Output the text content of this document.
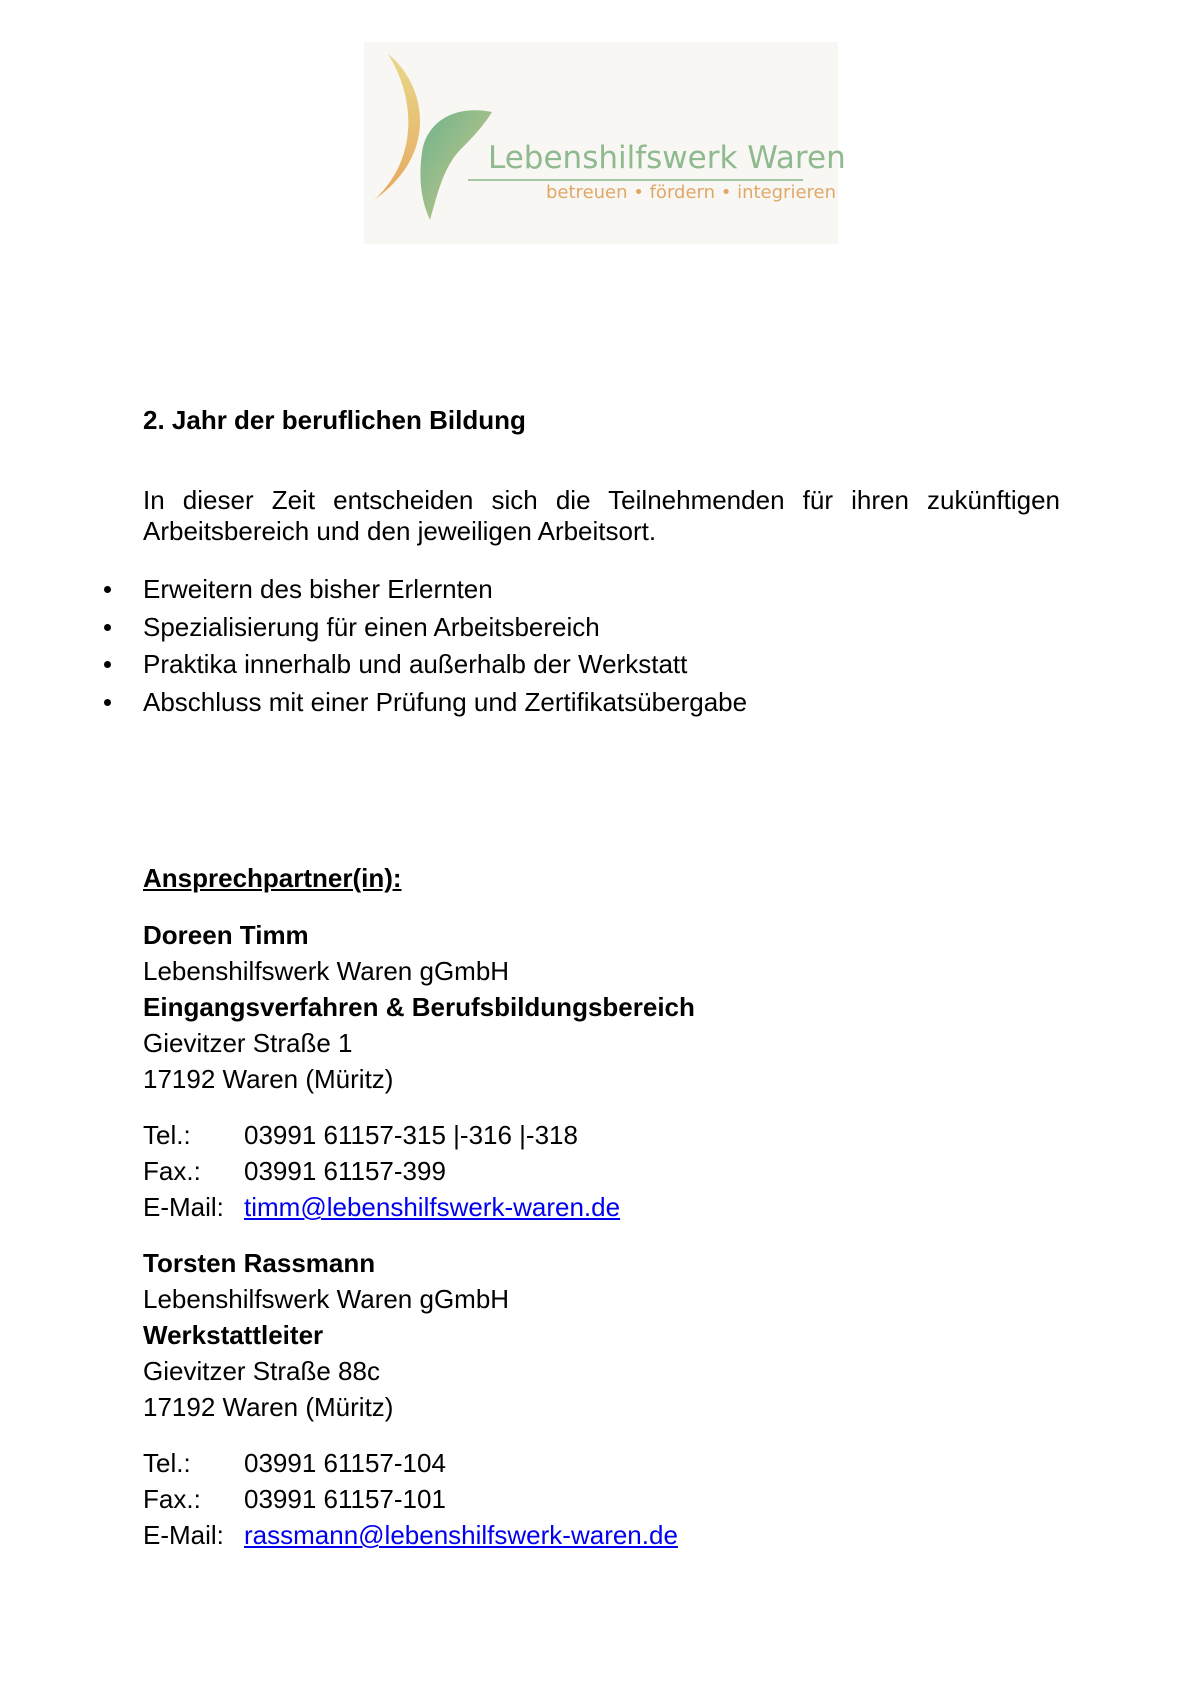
Lebenshilfswerk Waren
betreuen • fördern • integrieren
2. Jahr der beruflichen Bildung
In dieser Zeit entscheiden sich die Teilnehmenden für ihren zukünftigen Arbeitsbereich und den jeweiligen Arbeitsort.
Erweitern des bisher Erlernten
Spezialisierung für einen Arbeitsbereich
Praktika innerhalb und außerhalb der Werkstatt
Abschluss mit einer Prüfung und Zertifikatsübergabe
Ansprechpartner(in):
Doreen Timm
Lebenshilfswerk Waren gGmbH
Eingangsverfahren & Berufsbildungsbereich
Gievitzer Straße 1
17192 Waren (Müritz)
Tel.: 03991 61157-315 |-316 |-318
Fax.: 03991 61157-399
E-Mail: timm@lebenshilfswerk-waren.de
Torsten Rassmann
Lebenshilfswerk Waren gGmbH
Werkstattleiter
Gievitzer Straße 88c
17192 Waren (Müritz)
Tel.: 03991 61157-104
Fax.: 03991 61157-101
E-Mail: rassmann@lebenshilfswerk-waren.de
